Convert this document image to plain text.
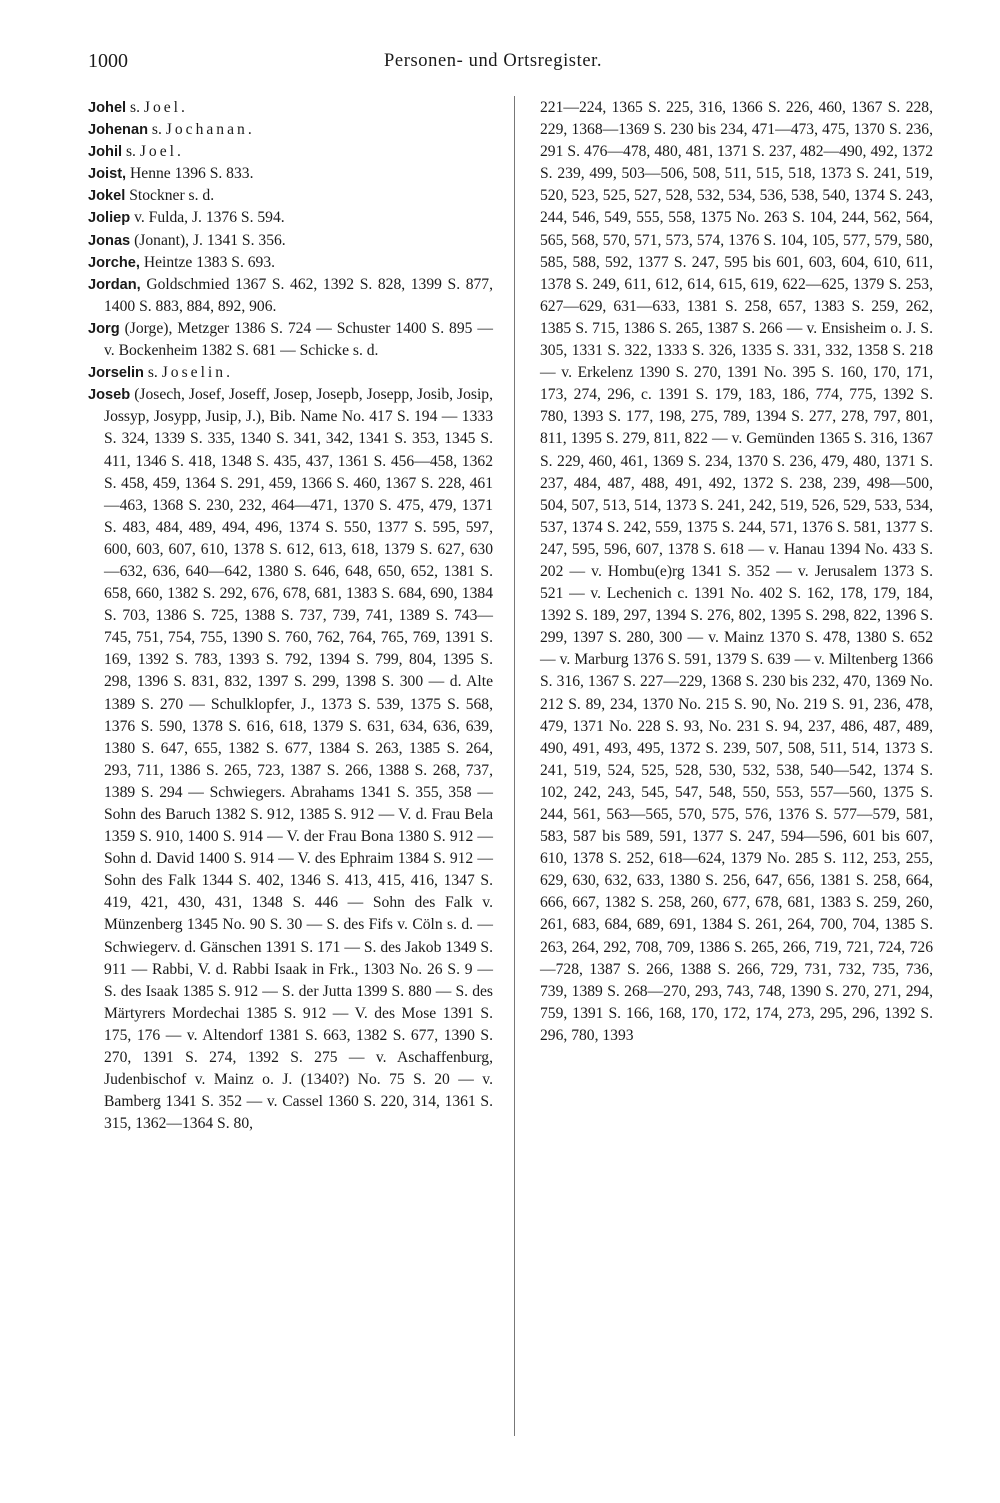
1000	Personen- und Ortsregister.

Johel s. Joel.

Johenan s. Jochanan.

Johil s. Joel.

Joist, Henne 1396 S. 833.

Jokel Stockner s. d.

Joliep v. Fulda, J. 1376 S. 594.

Jonas (Jonant), J. 1341 S. 356.

Jorche, Heintze 1383 S. 693.

Jordan, Goldschmied 1367 S. 462, 1392 S. 828, 1399 S. 877, 1400 S. 883, 884, 892, 906.

Jorg (Jorge), Metzger 1386 S. 724 — Schuster 1400 S. 895 — v. Bockenheim 1382 S. 681 — Schicke s. d.

Jorselin s. Joselin.

Joseb (Josech, Josef, Joseff, Josep, Josepb, Josepp, Josib, Josip, Jossyp, Josypp, Jusip, J.), Bib. Name No. 417 S. 194 — 1333 S. 324, 1339 S. 335, 1340 S. 341, 342, 1341 S. 353, 1345 S. 411, 1346 S. 418, 1348 S. 435, 437, 1361 S. 456—458, 1362 S. 458, 459, 1364 S. 291, 459, 1366 S. 460, 1367 S. 228, 461—463, 1368 S. 230, 232, 464—471, 1370 S. 475, 479, 1371 S. 483, 484, 489, 494, 496, 1374 S. 550, 1377 S. 595, 597, 600, 603, 607, 610, 1378 S. 612, 613, 618, 1379 S. 627, 630—632, 636, 640—642, 1380 S. 646, 648, 650, 652, 1381 S. 658, 660, 1382 S. 292, 676, 678, 681, 1383 S. 684, 690, 1384 S. 703, 1386 S. 725, 1388 S. 737, 739, 741, 1389 S. 743—745, 751, 754, 755, 1390 S. 760, 762, 764, 765, 769, 1391 S. 169, 1392 S. 783, 1393 S. 792, 1394 S. 799, 804, 1395 S. 298, 1396 S. 831, 832, 1397 S. 299, 1398 S. 300 — d. Alte 1389 S. 270 — Schulklopfer, J., 1373 S. 539, 1375 S. 568, 1376 S. 590, 1378 S. 616, 618, 1379 S. 631, 634, 636, 639, 1380 S. 647, 655, 1382 S. 677, 1384 S. 263, 1385 S. 264, 293, 711, 1386 S. 265, 723, 1387 S. 266, 1388 S. 268, 737, 1389 S. 294 — Schwiegers. Abrahams 1341 S. 355, 358 — Sohn des Baruch 1382 S. 912, 1385 S. 912 — V. d. Frau Bela 1359 S. 910, 1400 S. 914 — V. der Frau Bona 1380 S. 912 — Sohn d. David 1400 S. 914 — V. des Ephraim 1384 S. 912 — Sohn des Falk 1344 S. 402, 1346 S. 413, 415, 416, 1347 S. 419, 421, 430, 431, 1348 S. 446 — Sohn des Falk v. Münzenberg 1345 No. 90 S. 30 — S. des Fifs v. Cöln s. d. — Schwiegerv. d. Gänschen 1391 S. 171 — S. des Jakob 1349 S. 911 — Rabbi, V. d. Rabbi Isaak in Frk., 1303 No. 26 S. 9 — S. des Isaak 1385 S. 912 — S. der Jutta 1399 S. 880 — S. des Märtyrers Mordechai 1385 S. 912 — V. des Mose 1391 S. 175, 176 — v. Altendorf 1381 S. 663, 1382 S. 677, 1390 S. 270, 1391 S. 274, 1392 S. 275 — v. Aschaffenburg, Judenbischof v. Mainz o. J. (1340?) No. 75 S. 20 — v. Bamberg 1341 S. 352 — v. Cassel 1360 S. 220, 314, 1361 S. 315, 1362—1364 S. 80,

221—224, 1365 S. 225, 316, 1366 S. 226, 460, 1367 S. 228, 229, 1368—1369 S. 230 bis 234, 471—473, 475, 1370 S. 236, 291 S. 476—478, 480, 481, 1371 S. 237, 482—490, 492, 1372 S. 239, 499, 503—506, 508, 511, 515, 518, 1373 S. 241, 519, 520, 523, 525, 527, 528, 532, 534, 536, 538, 540, 1374 S. 243, 244, 546, 549, 555, 558, 1375 No. 263 S. 104, 244, 562, 564, 565, 568, 570, 571, 573, 574, 1376 S. 104, 105, 577, 579, 580, 585, 588, 592, 1377 S. 247, 595 bis 601, 603, 604, 610, 611, 1378 S. 249, 611, 612, 614, 615, 619, 622—625, 1379 S. 253, 627—629, 631—633, 1381 S. 258, 657, 1383 S. 259, 262, 1385 S. 715, 1386 S. 265, 1387 S. 266 — v. Ensisheim o. J. S. 305, 1331 S. 322, 1333 S. 326, 1335 S. 331, 332, 1358 S. 218 — v. Erkelenz 1390 S. 270, 1391 No. 395 S. 160, 170, 171, 173, 274, 296, c. 1391 S. 179, 183, 186, 774, 775, 1392 S. 780, 1393 S. 177, 198, 275, 789, 1394 S. 277, 278, 797, 801, 811, 1395 S. 279, 811, 822 — v. Gemünden 1365 S. 316, 1367 S. 229, 460, 461, 1369 S. 234, 1370 S. 236, 479, 480, 1371 S. 237, 484, 487, 488, 491, 492, 1372 S. 238, 239, 498—500, 504, 507, 513, 514, 1373 S. 241, 242, 519, 526, 529, 533, 534, 537, 1374 S. 242, 559, 1375 S. 244, 571, 1376 S. 581, 1377 S. 247, 595, 596, 607, 1378 S. 618 — v. Hanau 1394 No. 433 S. 202 — v. Hombu(e)rg 1341 S. 352 — v. Jerusalem 1373 S. 521 — v. Lechenich c. 1391 No. 402 S. 162, 178, 179, 184, 1392 S. 189, 297, 1394 S. 276, 802, 1395 S. 298, 822, 1396 S. 299, 1397 S. 280, 300 — v. Mainz 1370 S. 478, 1380 S. 652 — v. Marburg 1376 S. 591, 1379 S. 639 — v. Miltenberg 1366 S. 316, 1367 S. 227—229, 1368 S. 230 bis 232, 470, 1369 No. 212 S. 89, 234, 1370 No. 215 S. 90, No. 219 S. 91, 236, 478, 479, 1371 No. 228 S. 93, No. 231 S. 94, 237, 486, 487, 489, 490, 491, 493, 495, 1372 S. 239, 507, 508, 511, 514, 1373 S. 241, 519, 524, 525, 528, 530, 532, 538, 540—542, 1374 S. 102, 242, 243, 545, 547, 548, 550, 553, 557—560, 1375 S. 244, 561, 563—565, 570, 575, 576, 1376 S. 577—579, 581, 583, 587 bis 589, 591, 1377 S. 247, 594—596, 601 bis 607, 610, 1378 S. 252, 618—624, 1379 No. 285 S. 112, 253, 255, 629, 630, 632, 633, 1380 S. 256, 647, 656, 1381 S. 258, 664, 666, 667, 1382 S. 258, 260, 677, 678, 681, 1383 S. 259, 260, 261, 683, 684, 689, 691, 1384 S. 261, 264, 700, 704, 1385 S. 263, 264, 292, 708, 709, 1386 S. 265, 266, 719, 721, 724, 726—728, 1387 S. 266, 1388 S. 266, 729, 731, 732, 735, 736, 739, 1389 S. 268—270, 293, 743, 748, 1390 S. 270, 271, 294, 759, 1391 S. 166, 168, 170, 172, 174, 273, 295, 296, 1392 S. 296, 780, 1393
